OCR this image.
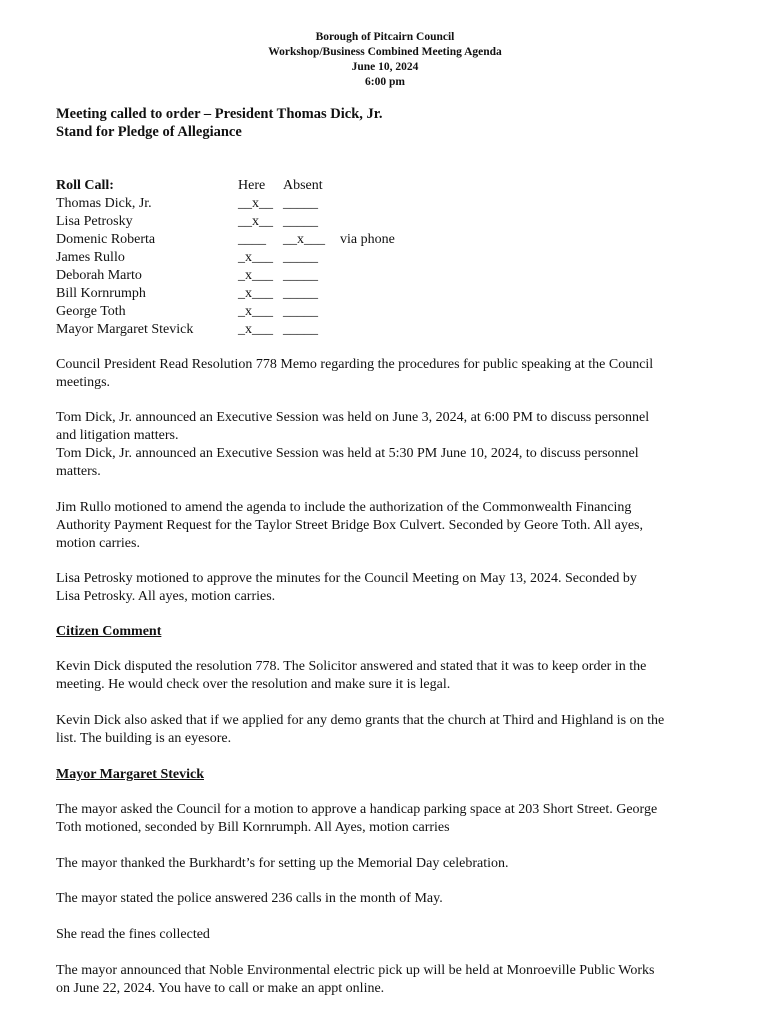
Borough of Pitcairn Council
Workshop/Business Combined Meeting Agenda
June 10, 2024
6:00 pm
Meeting called to order – President Thomas Dick, Jr.
Stand for Pledge of Allegiance
Roll Call:	Here Absent
Thomas Dick, Jr.	__x__ _____
Lisa Petrosky	__x__ _____
Domenic Roberta	____ __x___ via phone
James Rullo	_x___ _____
Deborah Marto	_x___ _____
Bill Kornrumph	_x___ _____
George Toth	_x___ _____
Mayor Margaret Stevick	_x___ _____
Council President Read Resolution 778 Memo regarding the procedures for public speaking at the Council
meetings.
Tom Dick, Jr. announced an Executive Session was held on June 3, 2024, at 6:00 PM to discuss personnel
and litigation matters.
Tom Dick, Jr. announced an Executive Session was held at 5:30 PM June 10, 2024, to discuss personnel
matters.
Jim Rullo motioned to amend the agenda to include the authorization of the Commonwealth Financing
Authority Payment Request for the Taylor Street Bridge Box Culvert. Seconded by Geore Toth. All ayes,
motion carries.
Lisa Petrosky motioned to approve the minutes for the Council Meeting on May 13, 2024. Seconded by
Lisa Petrosky. All ayes, motion carries.
Citizen Comment
Kevin Dick disputed the resolution 778. The Solicitor answered and stated that it was to keep order in the
meeting. He would check over the resolution and make sure it is legal.
Kevin Dick also asked that if we applied for any demo grants that the church at Third and Highland is on the
list. The building is an eyesore.
Mayor Margaret Stevick
The mayor asked the Council for a motion to approve a handicap parking space at 203 Short Street. George
Toth motioned, seconded by Bill Kornrumph. All Ayes, motion carries
The mayor thanked the Burkhardt’s for setting up the Memorial Day celebration.
The mayor stated the police answered 236 calls in the month of May.
She read the fines collected
The mayor announced that Noble Environmental electric pick up will be held at Monroeville Public Works
on June 22, 2024. You have to call or make an appt online.
